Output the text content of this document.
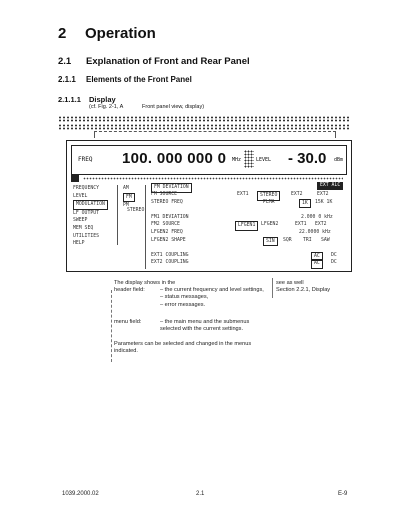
2 Operation
2.1 Explanation of Front and Rear Panel
2.1.1 Elements of the Front Panel
2.1.1.1 Display
(cf. Fig. 2-1, A	Front panel view, display)
FREQ 100. 000 000 0 MHz	LEVEL - 30.0 dBm
FREQUENCY
LEVEL
MODULATION
LF OUTPUT
SWEEP
MEM SEQ
UTILITIES
HELP
AM
FM
PM
STEREO
FM DEVIATION	EXT ALC
FM SOURCE	EXT1	STEREO	EXT2	EXT2
STEREO FREQ	PLMA	1K	15K 1K
FM1 DEVIATION	2.000 0 kHz
FM2 SOURCE	LFGEN1	LFGEN2	EXT1 EXT2
LFGEN2 FREQ	22.0000 kHz
LFGEN2 SHAPE	SIN	SQR TRI SAW
EXT1 COUPLING	AC	DC
EXT2 COUPLING	AC	DC
The display shows in the
header field:	– the current frequency and level settings,
– status messages,
– error messages.
menu field:	– the main menu and the submenus selected with the current settings.
Parameters can be selected and changed in the menus indicated.
see as well
Section 2.2.1, Display
1039.2000.02	2.1	E-9
